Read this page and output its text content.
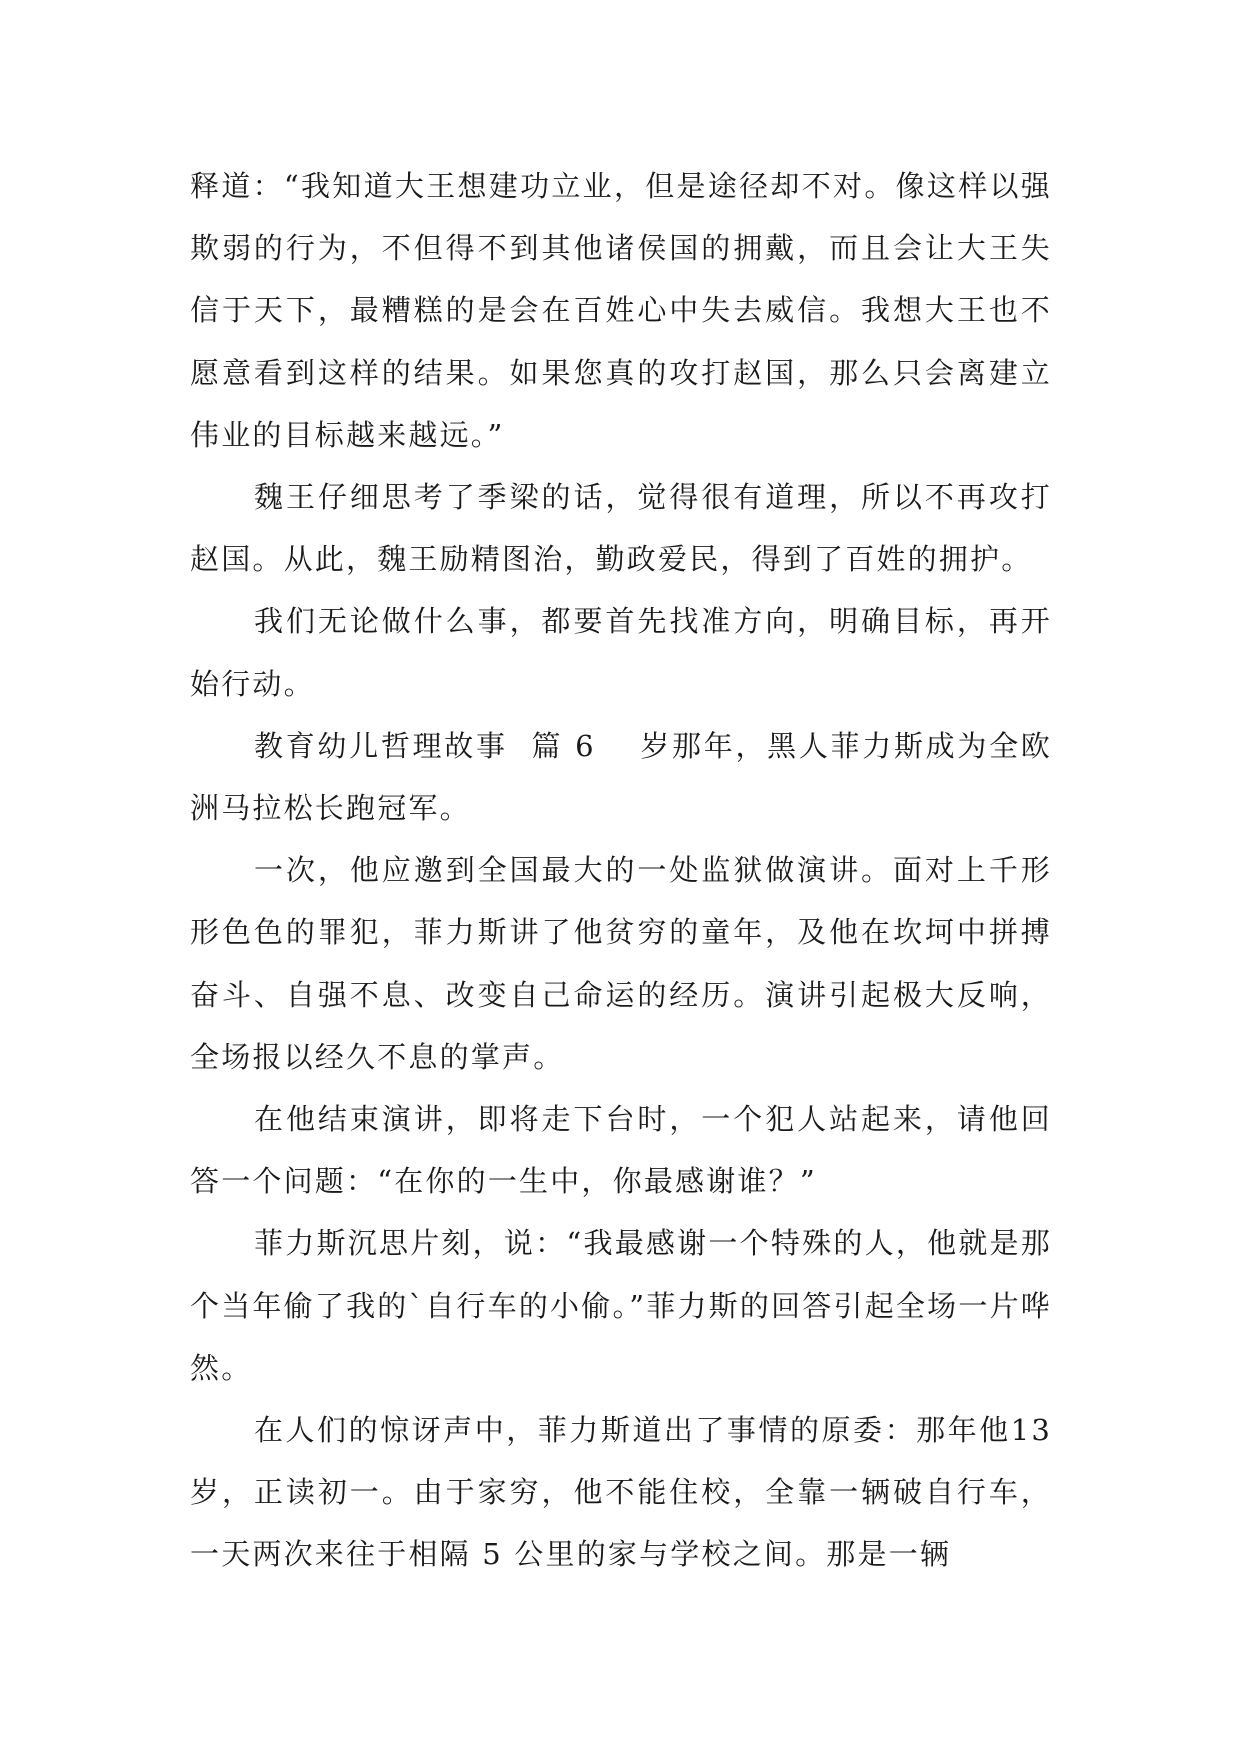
释道：“我知道大王想建功立业，但是途径却不对。像这样以强欺弱的行为，不但得不到其他诸侯国的拥戴，而且会让大王失信于天下，最糟糕的是会在百姓心中失去威信。我想大王也不愿意看到这样的结果。如果您真的攻打赵国，那么只会离建立伟业的目标越来越远。”

魏王仔细思考了季梁的话，觉得很有道理，所以不再攻打赵国。从此，魏王励精图治，勤政爱民，得到了百姓的拥护。

我们无论做什么事，都要首先找准方向，明确目标，再开始行动。

教育幼儿哲理故事 篇 6 岁那年，黑人菲力斯成为全欧洲马拉松长跑冠军。

一次，他应邀到全国最大的一处监狱做演讲。面对上千形形色色的罪犯，菲力斯讲了他贫穷的童年，及他在坎坷中拼搏奋斗、自强不息、改变自己命运的经历。演讲引起极大反响，全场报以经久不息的掌声。

在他结束演讲，即将走下台时，一个犯人站起来，请他回答一个问题：“在你的一生中，你最感谢谁？”

菲力斯沉思片刻，说：“我最感谢一个特殊的人，他就是那个当年偷了我的`自行车的小偷。”菲力斯的回答引起全场一片哗然。

在人们的惊讶声中，菲力斯道出了事情的原委：那年他13 岁，正读初一。由于家穷，他不能住校，全靠一辆破自行车，一天两次来往于相隔 5 公里的家与学校之间。那是一辆
